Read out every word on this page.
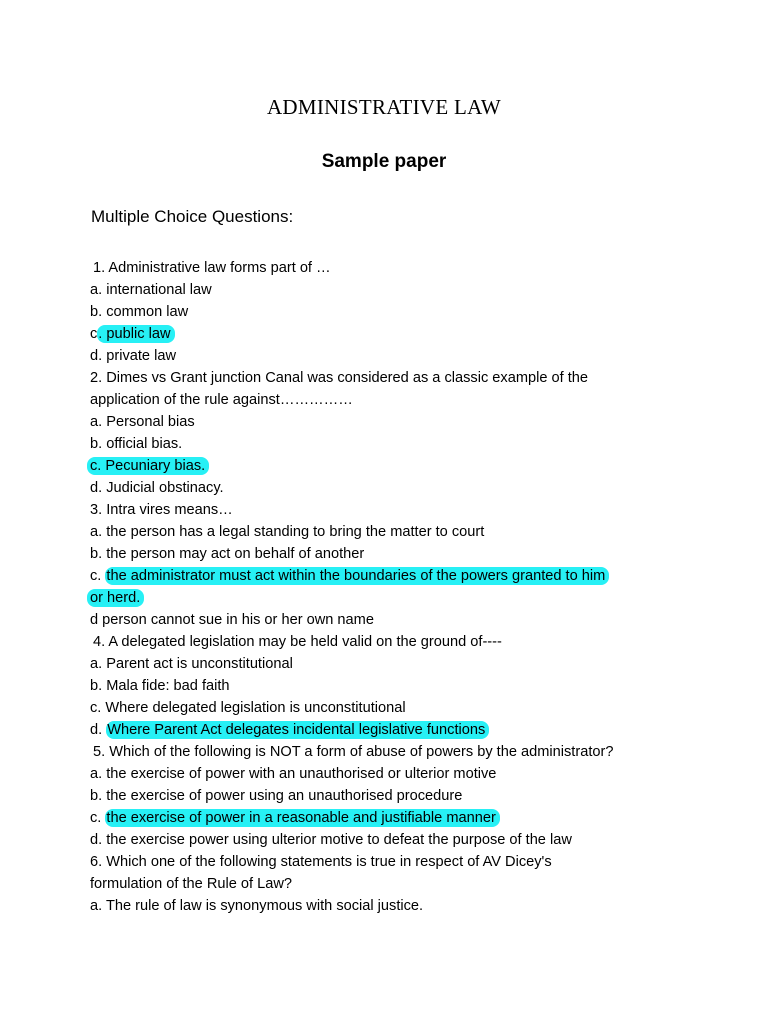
ADMINISTRATIVE LAW
Sample paper
Multiple Choice Questions:
1. Administrative law forms part of …
a. international law
b. common law
c. public law
d. private law
2. Dimes vs Grant junction Canal was considered as a classic example of the
application of the rule against……………
a. Personal bias
b. official bias.
c. Pecuniary bias.
d. Judicial obstinacy.
3. Intra vires means…
a. the person has a legal standing to bring the matter to court
b. the person may act on behalf of another
c. the administrator must act within the boundaries of the powers granted to him
or herd.
d person cannot sue in his or her own name
4. A delegated legislation may be held valid on the ground of----
a. Parent act is unconstitutional
b. Mala fide: bad faith
c. Where delegated legislation is unconstitutional
d. Where Parent Act delegates incidental legislative functions
5. Which of the following is NOT a form of abuse of powers by the administrator?
a. the exercise of power with an unauthorised or ulterior motive
b. the exercise of power using an unauthorised procedure
c. the exercise of power in a reasonable and justifiable manner
d. the exercise power using ulterior motive to defeat the purpose of the law
6. Which one of the following statements is true in respect of AV Dicey's
formulation of the Rule of Law?
a. The rule of law is synonymous with social justice.
